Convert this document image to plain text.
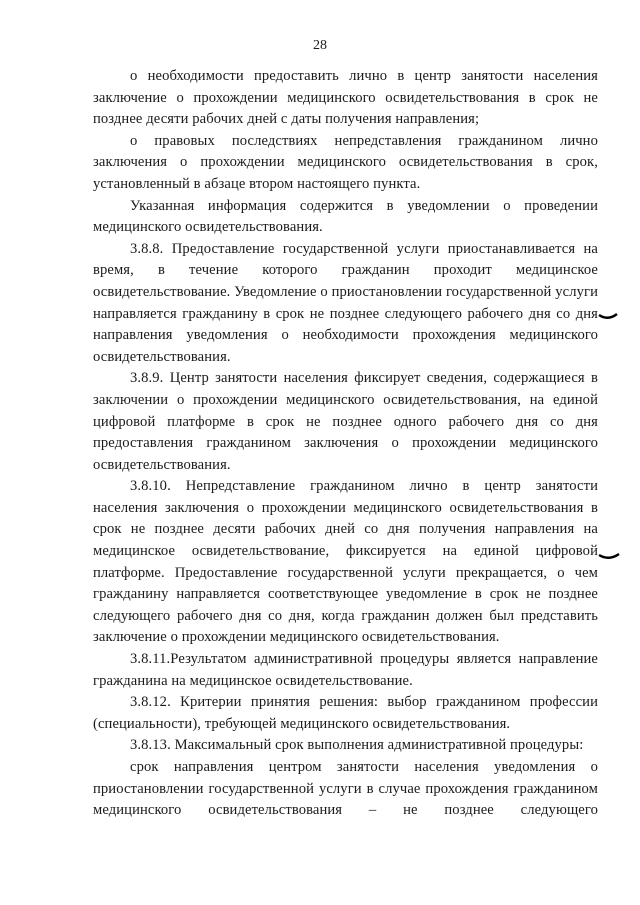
28

о необходимости предоставить лично в центр занятости населения заключение о прохождении медицинского освидетельствования в срок не позднее десяти рабочих дней с даты получения направления;

о правовых последствиях непредставления гражданином лично заключения о прохождении медицинского освидетельствования в срок, установленный в абзаце втором настоящего пункта.

Указанная информация содержится в уведомлении о проведении медицинского освидетельствования.

3.8.8. Предоставление государственной услуги приостанавливается на время, в течение которого гражданин проходит медицинское освидетельствование. Уведомление о приостановлении государственной услуги направляется гражданину в срок не позднее следующего рабочего дня со дня направления уведомления о необходимости прохождения медицинского освидетельствования.

3.8.9. Центр занятости населения фиксирует сведения, содержащиеся в заключении о прохождении медицинского освидетельствования, на единой цифровой платформе в срок не позднее одного рабочего дня со дня предоставления гражданином заключения о прохождении медицинского освидетельствования.

3.8.10. Непредставление гражданином лично в центр занятости населения заключения о прохождении медицинского освидетельствования в срок не позднее десяти рабочих дней со дня получения направления на медицинское освидетельствование, фиксируется на единой цифровой платформе. Предоставление государственной услуги прекращается, о чем гражданину направляется соответствующее уведомление в срок не позднее следующего рабочего дня со дня, когда гражданин должен был представить заключение о прохождении медицинского освидетельствования.

3.8.11.Результатом административной процедуры является направление гражданина на медицинское освидетельствование.

3.8.12. Критерии принятия решения: выбор гражданином профессии (специальности), требующей медицинского освидетельствования.

3.8.13. Максимальный срок выполнения административной процедуры:

срок направления центром занятости населения уведомления о приостановлении государственной услуги в случае прохождения гражданином медицинского освидетельствования – не позднее следующего
